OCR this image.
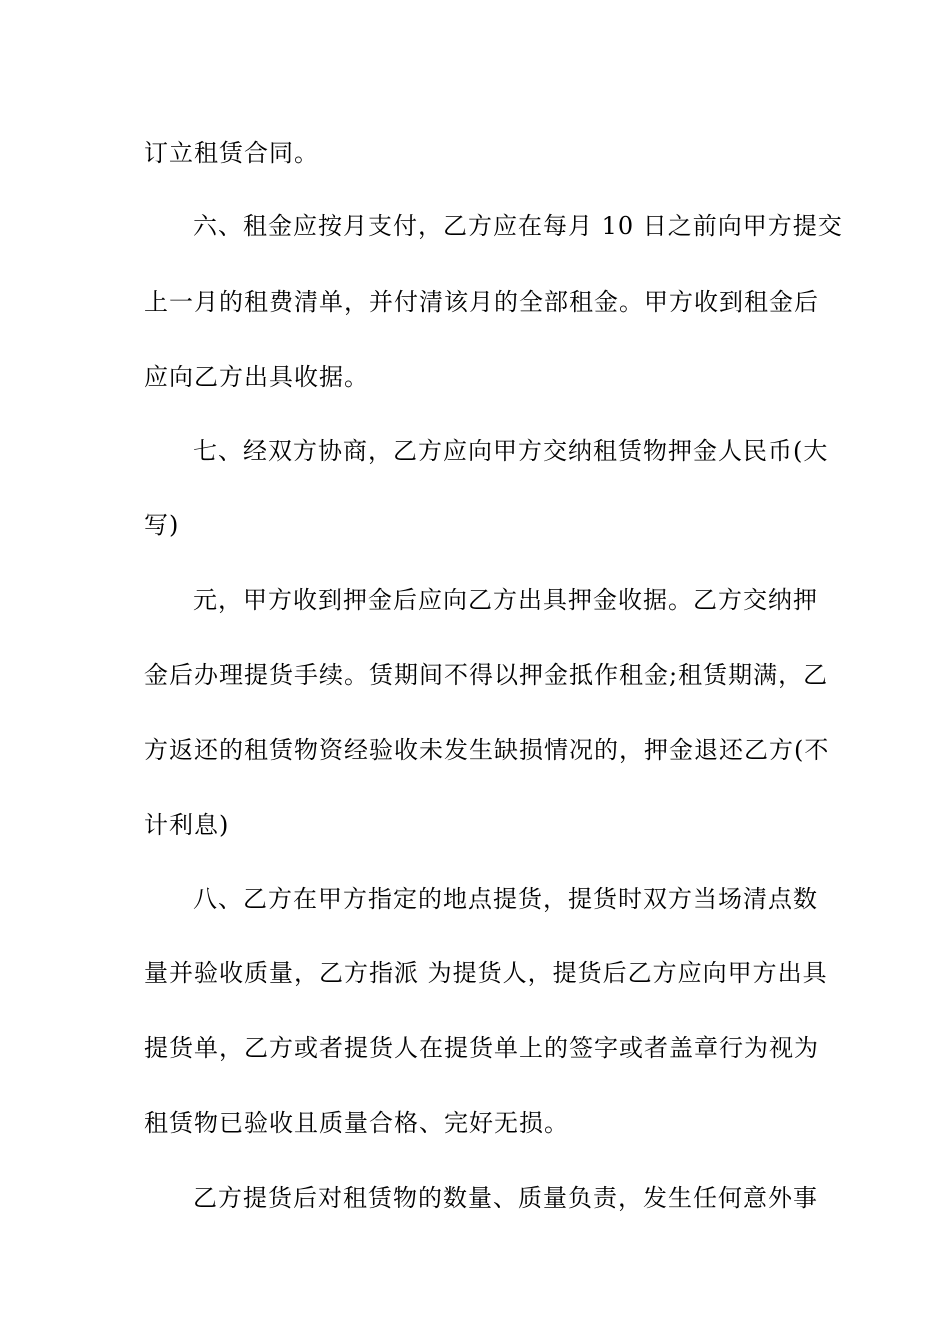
订立租赁合同。
六、租金应按月支付，乙方应在每月 10 日之前向甲方提交
上一月的租费清单，并付清该月的全部租金。甲方收到租金后
应向乙方出具收据。
七、经双方协商，乙方应向甲方交纳租赁物押金人民币(大
写)
元，甲方收到押金后应向乙方出具押金收据。乙方交纳押
金后办理提货手续。赁期间不得以押金抵作租金;租赁期满，乙
方返还的租赁物资经验收未发生缺损情况的，押金退还乙方(不
计利息)
八、乙方在甲方指定的地点提货，提货时双方当场清点数
量并验收质量，乙方指派 为提货人，提货后乙方应向甲方出具
提货单，乙方或者提货人在提货单上的签字或者盖章行为视为
租赁物已验收且质量合格、完好无损。
乙方提货后对租赁物的数量、质量负责，发生任何意外事
